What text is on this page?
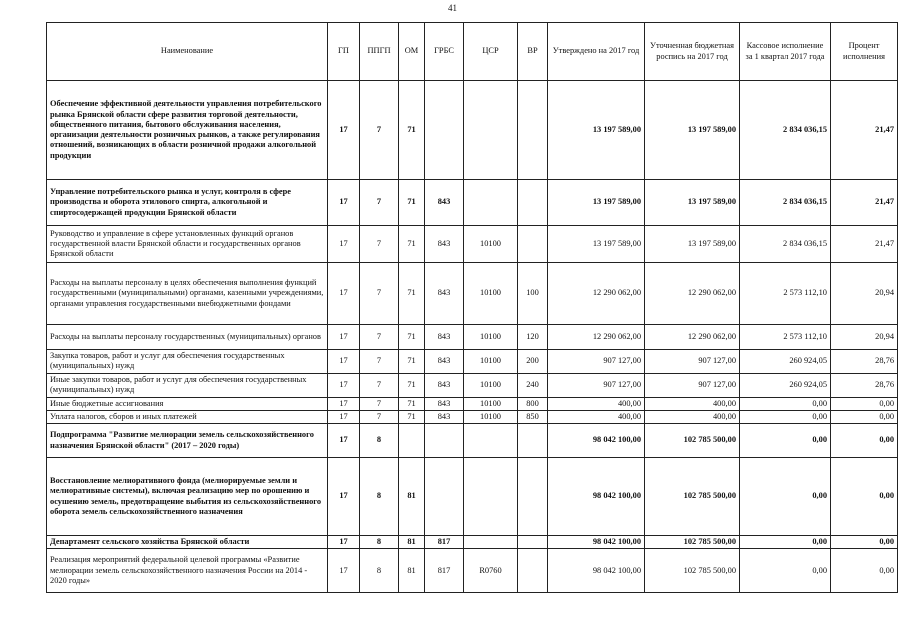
41
Наименование	ГП	ППГП	ОМ	ГРБС	ЦСР	ВР	Утверждено на 2017 год	Уточненная бюджетная роспись на 2017 год	Кассовое исполнение за 1 квартал 2017 года	Процент исполнения
Обеспечение эффективной деятельности управления потребительского рынка Брянской области сфере развития торговой деятельности, общественного питания, бытового обслуживания населения, организации деятельности розничных рынков, а также регулирования отношений, возникающих в области розничной продажи алкогольной продукции	17	7	71				13 197 589,00	13 197 589,00	2 834 036,15	21,47
Управление потребительского рынка и услуг, контроля в сфере производства и оборота этилового спирта, алкогольной и спиртосодержащей продукции Брянской области	17	7	71	843			13 197 589,00	13 197 589,00	2 834 036,15	21,47
Руководство и управление в сфере установленных функций органов государственной власти Брянской области и государственных органов Брянской области	17	7	71	843	10100		13 197 589,00	13 197 589,00	2 834 036,15	21,47
Расходы на выплаты персоналу в целях обеспечения выполнения функций государственными (муниципальными) органами, казенными учреждениями, органами управления государственными внебюджетными фондами	17	7	71	843	10100	100	12 290 062,00	12 290 062,00	2 573 112,10	20,94
Расходы на выплаты персоналу государственных (муниципальных) органов	17	7	71	843	10100	120	12 290 062,00	12 290 062,00	2 573 112,10	20,94
Закупка товаров, работ и услуг для обеспечения государственных (муниципальных) нужд	17	7	71	843	10100	200	907 127,00	907 127,00	260 924,05	28,76
Иные закупки товаров, работ и услуг для обеспечения государственных (муниципальных) нужд	17	7	71	843	10100	240	907 127,00	907 127,00	260 924,05	28,76
Иные бюджетные ассигнования	17	7	71	843	10100	800	400,00	400,00	0,00	0,00
Уплата налогов, сборов и иных платежей	17	7	71	843	10100	850	400,00	400,00	0,00	0,00
Подпрограмма "Развитие мелиорации земель сельскохозяйственного назначения Брянской области" (2017 – 2020 годы)	17	8					98 042 100,00	102 785 500,00	0,00	0,00
Восстановление мелиоративного фонда (мелиорируемые земли и мелиоративные системы), включая реализацию мер по орошению и осушению земель, предотвращение выбытия из сельскохозяйственного оборота земель сельскохозяйственного назначения	17	8	81				98 042 100,00	102 785 500,00	0,00	0,00
Департамент сельского хозяйства Брянской области	17	8	81	817			98 042 100,00	102 785 500,00	0,00	0,00
Реализация мероприятий федеральной целевой программы «Развитие мелиорации земель сельскохозяйственного назначения России на 2014 - 2020 годы»	17	8	81	817	R0760		98 042 100,00	102 785 500,00	0,00	0,00
